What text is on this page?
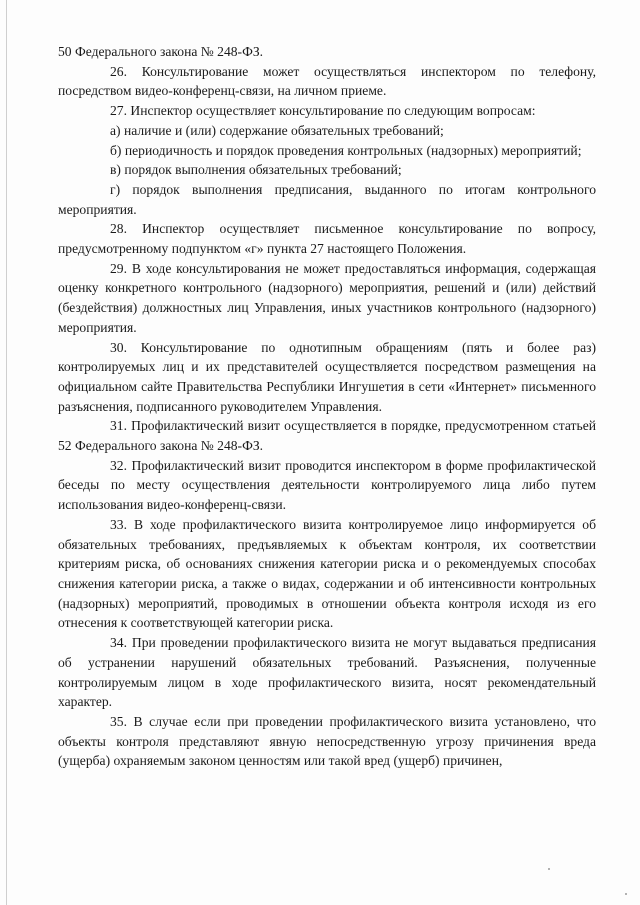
50 Федерального закона № 248-ФЗ.

26. Консультирование может осуществляться инспектором по телефону, посредством видео-конференц-связи, на личном приеме.

27. Инспектор осуществляет консультирование по следующим вопросам:

а) наличие и (или) содержание обязательных требований;

б) периодичность и порядок проведения контрольных (надзорных) мероприятий;

в) порядок выполнения обязательных требований;

г) порядок выполнения предписания, выданного по итогам контрольного мероприятия.

28. Инспектор осуществляет письменное консультирование по вопросу, предусмотренному подпунктом «г» пункта 27 настоящего Положения.

29. В ходе консультирования не может предоставляться информация, содержащая оценку конкретного контрольного (надзорного) мероприятия, решений и (или) действий (бездействия) должностных лиц Управления, иных участников контрольного (надзорного) мероприятия.

30. Консультирование по однотипным обращениям (пять и более раз) контролируемых лиц и их представителей осуществляется посредством размещения на официальном сайте Правительства Республики Ингушетия в сети «Интернет» письменного разъяснения, подписанного руководителем Управления.

31. Профилактический визит осуществляется в порядке, предусмотренном статьей 52 Федерального закона № 248-ФЗ.

32. Профилактический визит проводится инспектором в форме профилактической беседы по месту осуществления деятельности контролируемого лица либо путем использования видео-конференц-связи.

33. В ходе профилактического визита контролируемое лицо информируется об обязательных требованиях, предъявляемых к объектам контроля, их соответствии критериям риска, об основаниях снижения категории риска и о рекомендуемых способах снижения категории риска, а также о видах, содержании и об интенсивности контрольных (надзорных) мероприятий, проводимых в отношении объекта контроля исходя из его отнесения к соответствующей категории риска.

34. При проведении профилактического визита не могут выдаваться предписания об устранении нарушений обязательных требований. Разъяснения, полученные контролируемым лицом в ходе профилактического визита, носят рекомендательный характер.

35. В случае если при проведении профилактического визита установлено, что объекты контроля представляют явную непосредственную угрозу причинения вреда (ущерба) охраняемым законом ценностям или такой вред (ущерб) причинен,
